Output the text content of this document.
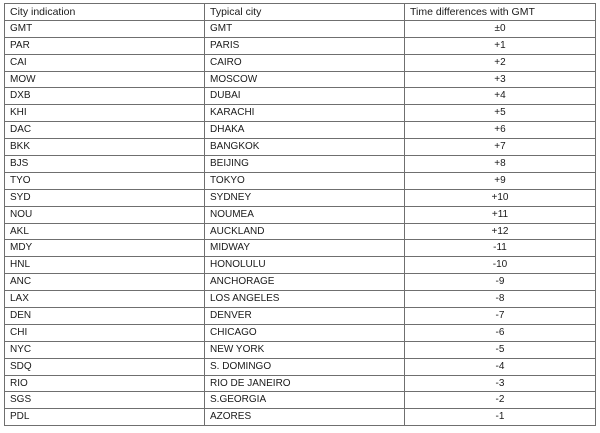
City indication	Typical city	Time differences with GMT
GMT	GMT	±0
PAR	PARIS	+1
CAI	CAIRO	+2
MOW	MOSCOW	+3
DXB	DUBAI	+4
KHI	KARACHI	+5
DAC	DHAKA	+6
BKK	BANGKOK	+7
BJS	BEIJING	+8
TYO	TOKYO	+9
SYD	SYDNEY	+10
NOU	NOUMEA	+11
AKL	AUCKLAND	+12
MDY	MIDWAY	-11
HNL	HONOLULU	-10
ANC	ANCHORAGE	-9
LAX	LOS ANGELES	-8
DEN	DENVER	-7
CHI	CHICAGO	-6
NYC	NEW YORK	-5
SDQ	S. DOMINGO	-4
RIO	RIO DE JANEIRO	-3
SGS	S.GEORGIA	-2
PDL	AZORES	-1
